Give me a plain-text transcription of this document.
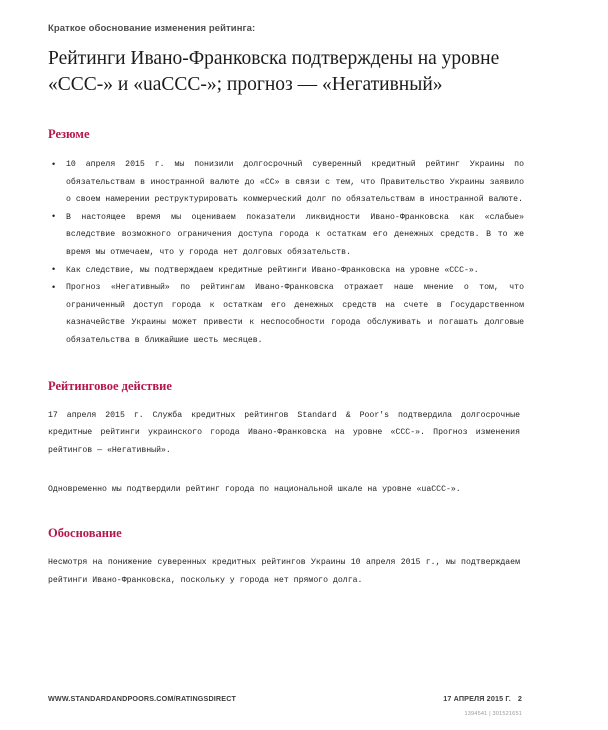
Краткое обоснование изменения рейтинга:
Рейтинги Ивано-Франковска подтверждены на уровне «CCC-» и «uaCCC-»; прогноз — «Негативный»
Резюме
• 10 апреля 2015 г. мы понизили долгосрочный суверенный кредитный рейтинг Украины по обязательствам в иностранной валюте до «CC» в связи с тем, что Правительство Украины заявило о своем намерении реструктурировать коммерческий долг по обязательствам в иностранной валюте.
• В настоящее время мы оцениваем показатели ликвидности Ивано-Франковска как «слабые» вследствие возможного ограничения доступа города к остаткам его денежных средств. В то же время мы отмечаем, что у города нет долговых обязательств.
• Как следствие, мы подтверждаем кредитные рейтинги Ивано-Франковска на уровне «CCC-».
• Прогноз «Негативный» по рейтингам Ивано-Франковска отражает наше мнение о том, что ограниченный доступ города к остаткам его денежных средств на счете в Государственном казначействе Украины может привести к неспособности города обслуживать и погашать долговые обязательства в ближайшие шесть месяцев.
Рейтинговое действие

17 апреля 2015 г. Служба кредитных рейтингов Standard & Poor's подтвердила долгосрочные кредитные рейтинги украинского города Ивано-Франковска на уровне «CCC-». Прогноз изменения рейтингов — «Негативный».

Одновременно мы подтвердили рейтинг города по национальной шкале на уровне «uaCCC-».

Обоснование

Несмотря на понижение суверенных кредитных рейтингов Украины 10 апреля 2015 г., мы подтверждаем рейтинги Ивано-Франковска, поскольку у города нет прямого долга.

WWW.STANDARDANDPOORS.COM/RATINGSDIRECT	17 АПРЕЛЯ 2015 Г. 2
1394541 | 301521651
